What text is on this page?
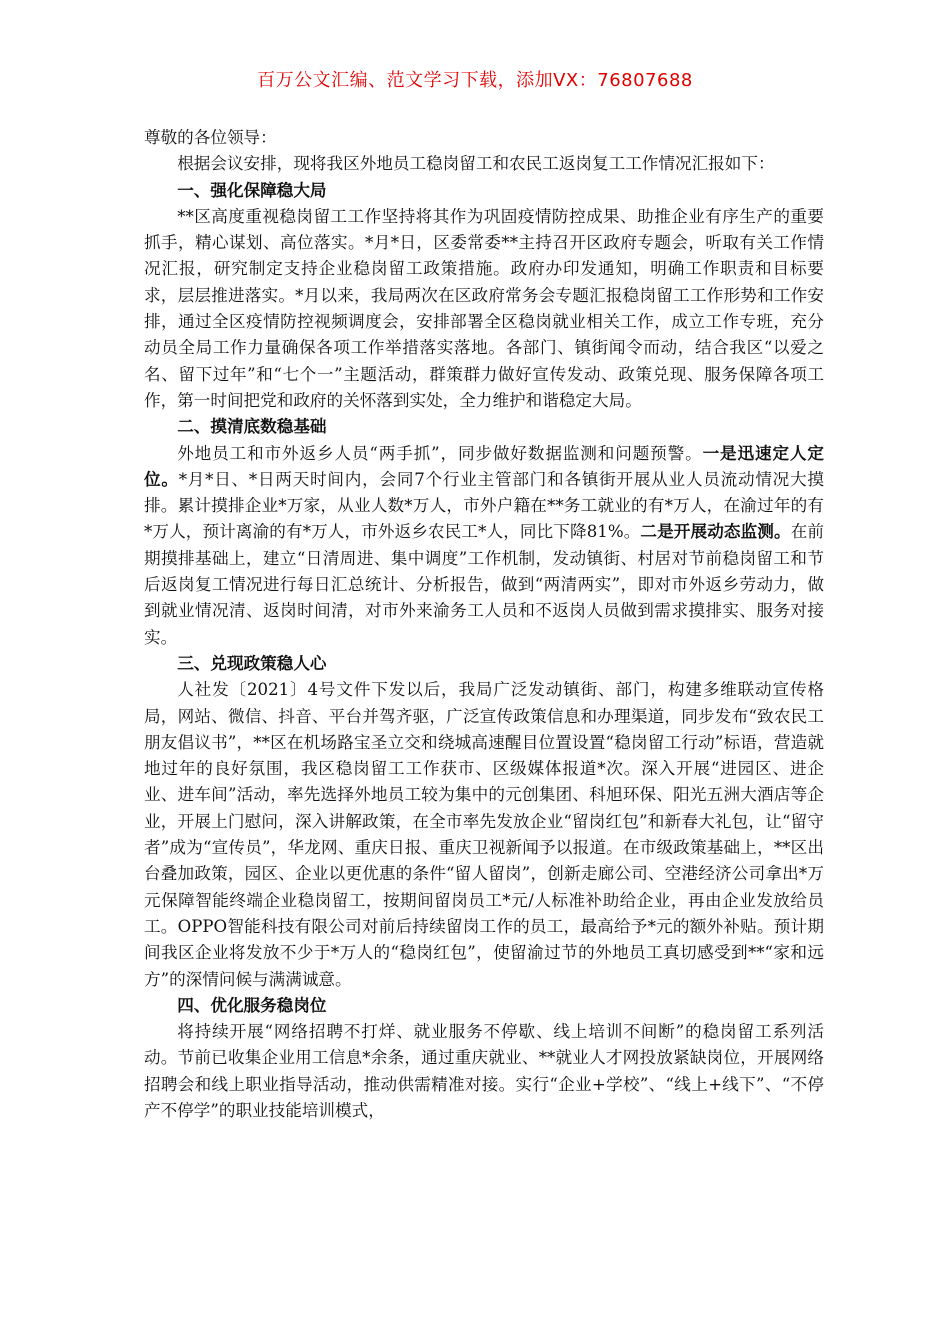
百万公文汇编、范文学习下载，添加VX：76807688

尊敬的各位领导：

根据会议安排，现将我区外地员工稳岗留工和农民工返岗复工工作情况汇报如下：

一、强化保障稳大局

**区高度重视稳岗留工工作坚持将其作为巩固疫情防控成果、助推企业有序生产的重要抓手，精心谋划、高位落实。*月*日，区委常委**主持召开区政府专题会，听取有关工作情况汇报，研究制定支持企业稳岗留工政策措施。政府办印发通知，明确工作职责和目标要求，层层推进落实。*月以来，我局两次在区政府常务会专题汇报稳岗留工工作形势和工作安排，通过全区疫情防控视频调度会，安排部署全区稳岗就业相关工作，成立工作专班，充分动员全局工作力量确保各项工作举措落实落地。各部门、镇街闻令而动，结合我区“以爱之名、留下过年”和“七个一”主题活动，群策群力做好宣传发动、政策兑现、服务保障各项工作，第一时间把党和政府的关怀落到实处，全力维护和谐稳定大局。

二、摸清底数稳基础

外地员工和市外返乡人员“两手抓”，同步做好数据监测和问题预警。一是迅速定人定位。*月*日、*日两天时间内，会同7个行业主管部门和各镇街开展从业人员流动情况大摸排。累计摸排企业*万家，从业人数*万人，市外户籍在**务工就业的有*万人，在渝过年的有*万人，预计离渝的有*万人，市外返乡农民工*人，同比下降81%。二是开展动态监测。在前期摸排基础上，建立“日清周进、集中调度”工作机制，发动镇街、村居对节前稳岗留工和节后返岗复工情况进行每日汇总统计、分析报告，做到“两清两实”，即对市外返乡劳动力，做到就业情况清、返岗时间清，对市外来渝务工人员和不返岗人员做到需求摸排实、服务对接实。

三、兑现政策稳人心

人社发〔2021〕4号文件下发以后，我局广泛发动镇街、部门，构建多维联动宣传格局，网站、微信、抖音、平台并驾齐驱，广泛宣传政策信息和办理渠道，同步发布“致农民工朋友倡议书”，**区在机场路宝圣立交和绕城高速醒目位置设置“稳岗留工行动”标语，营造就地过年的良好氛围，我区稳岗留工工作获市、区级媒体报道*次。深入开展“进园区、进企业、进车间”活动，率先选择外地员工较为集中的元创集团、科旭环保、阳光五洲大酒店等企业，开展上门慰问，深入讲解政策，在全市率先发放企业“留岗红包”和新春大礼包，让“留守者”成为“宣传员”，华龙网、重庆日报、重庆卫视新闻予以报道。在市级政策基础上，**区出台叠加政策，园区、企业以更优惠的条件“留人留岗”，创新走廊公司、空港经济公司拿出*万元保障智能终端企业稳岗留工，按期间留岗员工*元/人标准补助给企业，再由企业发放给员工。OPPO智能科技有限公司对前后持续留岗工作的员工，最高给予*元的额外补贴。预计期间我区企业将发放不少于*万人的“稳岗红包”，使留渝过节的外地员工真切感受到**“家和远方”的深情问候与满满诚意。

四、优化服务稳岗位

将持续开展“网络招聘不打烊、就业服务不停歇、线上培训不间断”的稳岗留工系列活动。节前已收集企业用工信息*余条，通过重庆就业、**就业人才网投放紧缺岗位，开展网络招聘会和线上职业指导活动，推动供需精准对接。实行“企业+学校”、“线上+线下”、“不停产不停学”的职业技能培训模式，
